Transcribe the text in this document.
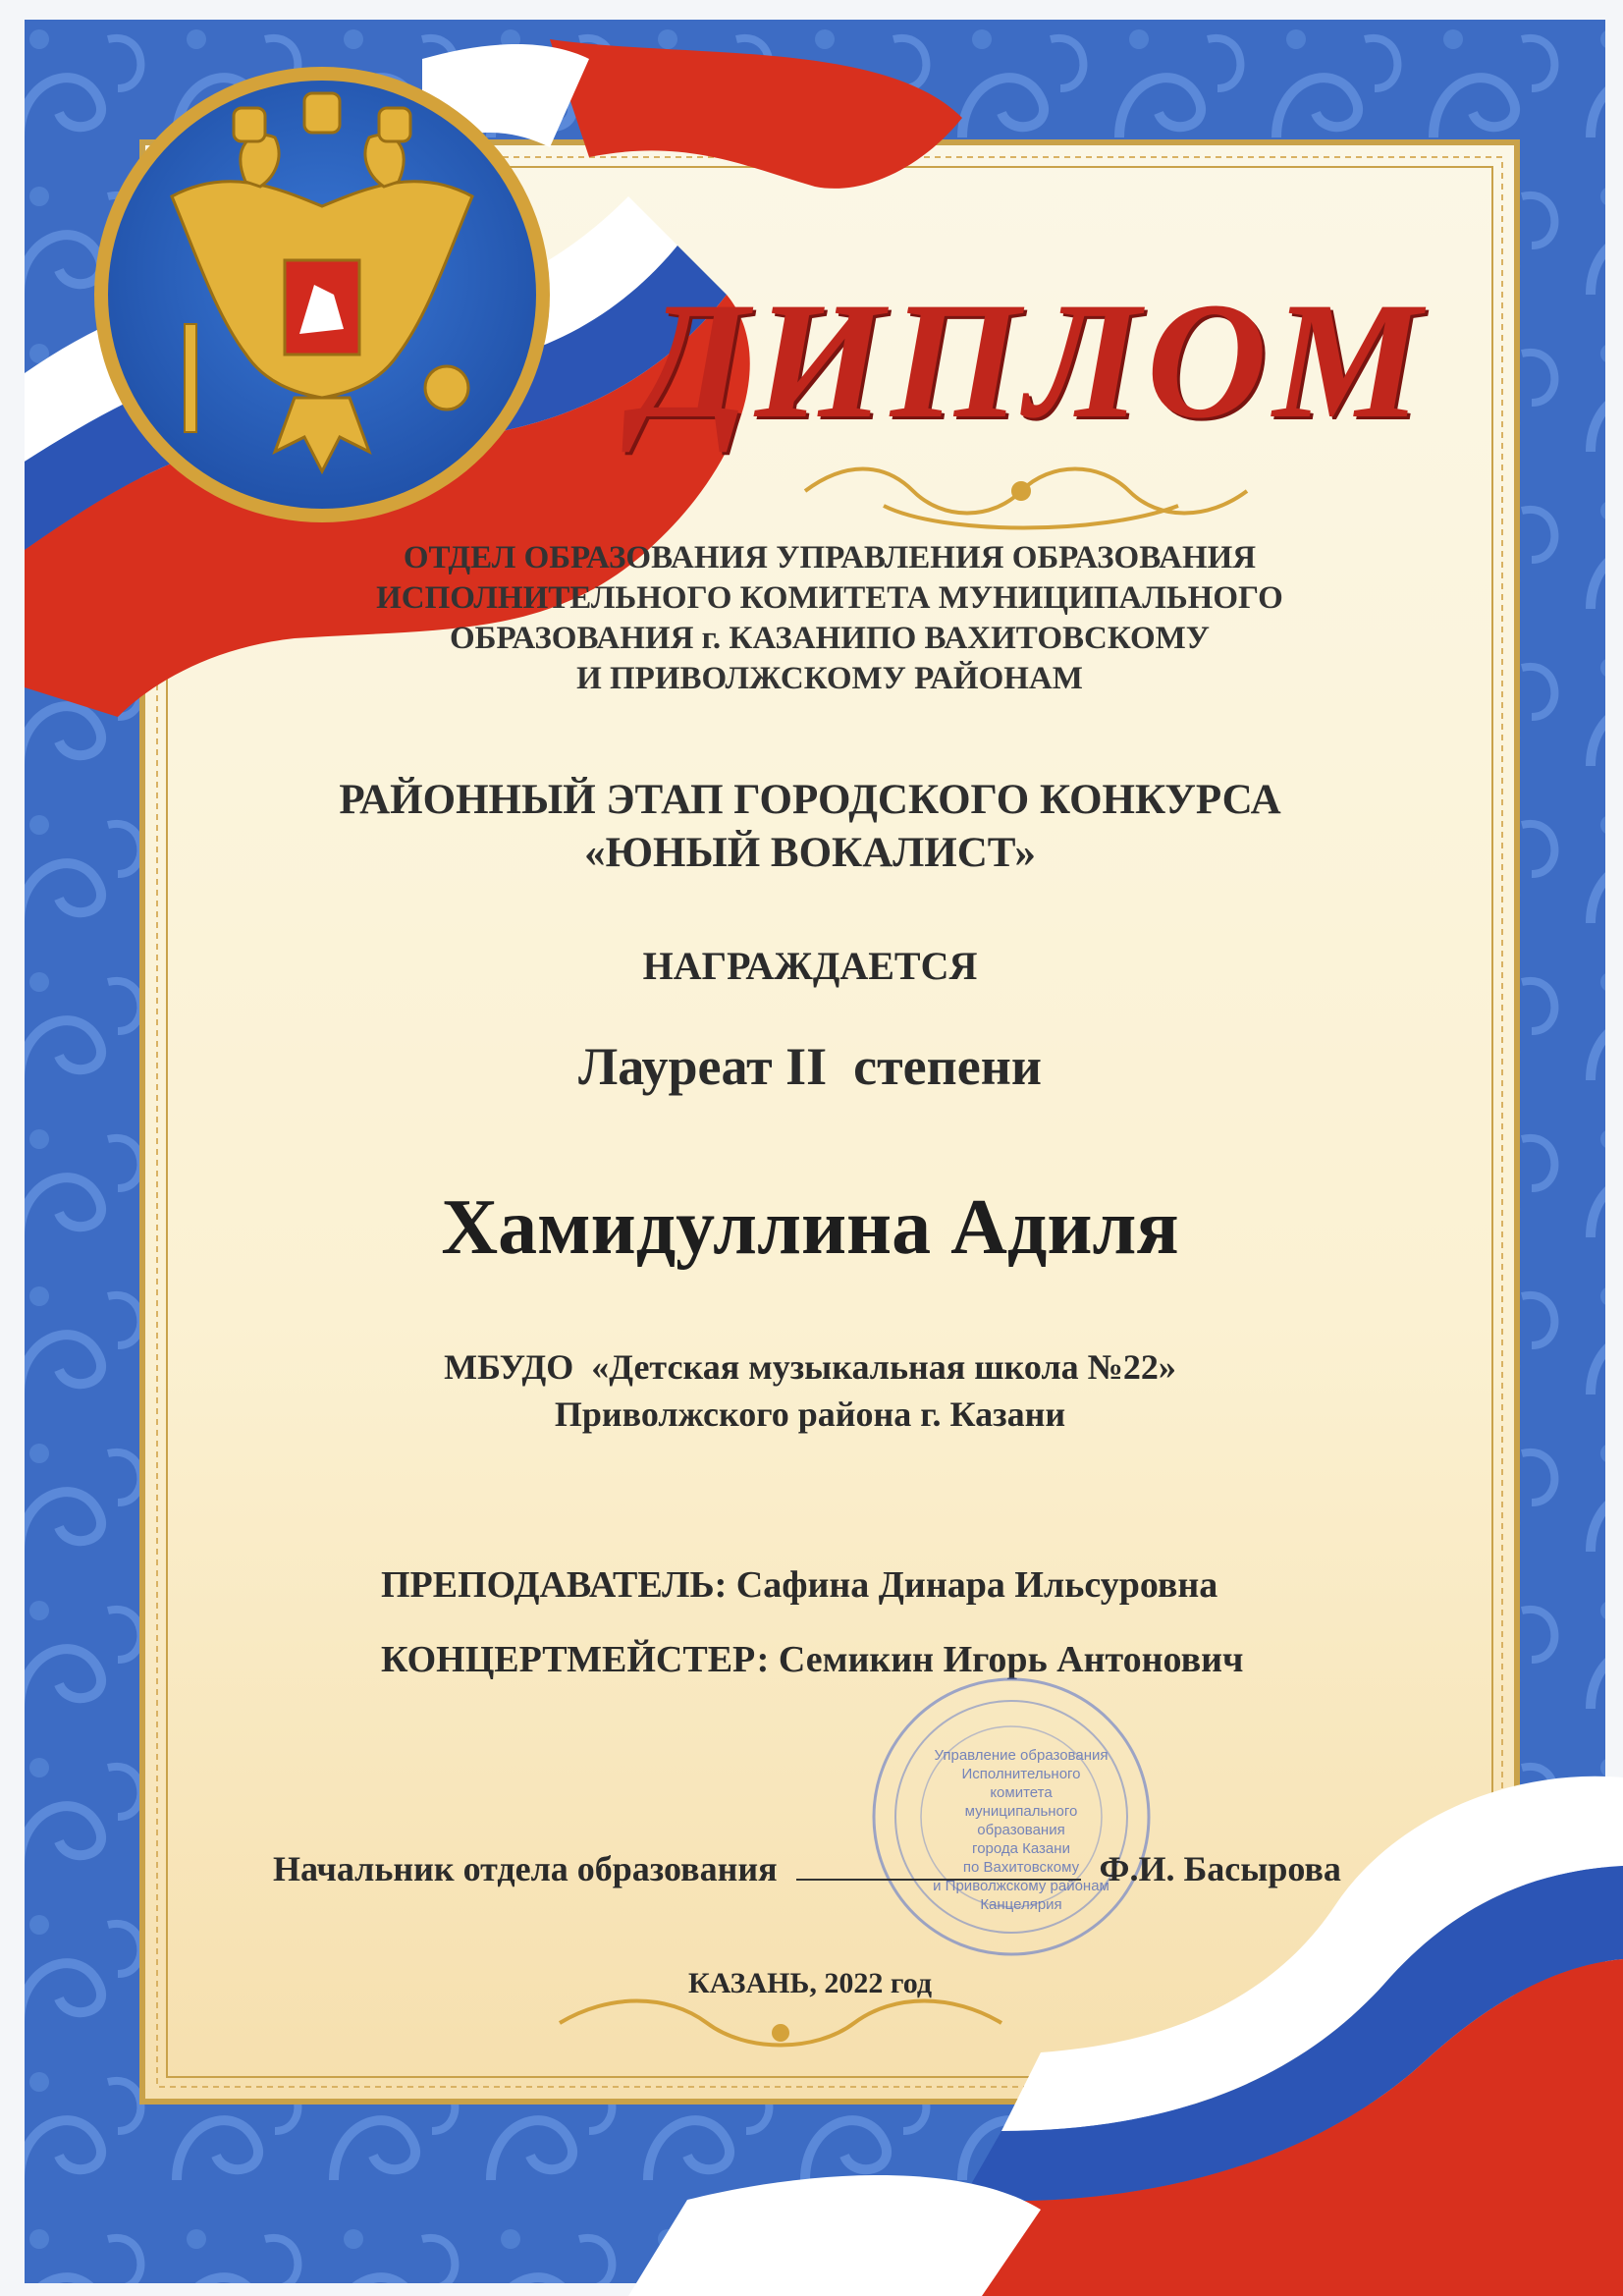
ДИПЛОМ
ОТДЕЛ ОБРАЗОВАНИЯ УПРАВЛЕНИЯ ОБРАЗОВАНИЯ
ИСПОЛНИТЕЛЬНОГО КОМИТЕТА МУНИЦИПАЛЬНОГО
ОБРАЗОВАНИЯ г. КАЗАНИПО ВАХИТОВСКОМУ
И ПРИВОЛЖСКОМУ РАЙОНАМ
РАЙОННЫЙ ЭТАП ГОРОДСКОГО КОНКУРСА
«ЮНЫЙ ВОКАЛИСТ»
НАГРАЖДАЕТСЯ
Лауреат II  степени
Хамидуллина Адиля
МБУДО  «Детская музыкальная школа №22»
Приволжского района г. Казани
ПРЕПОДАВАТЕЛЬ: Сафина Динара Ильсуровна
КОНЦЕРТМЕЙСТЕР: Семикин Игорь Антонович
Управление образования
Исполнительного комитета
муниципального образования
города Казани
по Вахитовскому
и Приволжскому районам
Канцелярия
Начальник отдела образования	Ф.И. Басырова
КАЗАНЬ, 2022 год
